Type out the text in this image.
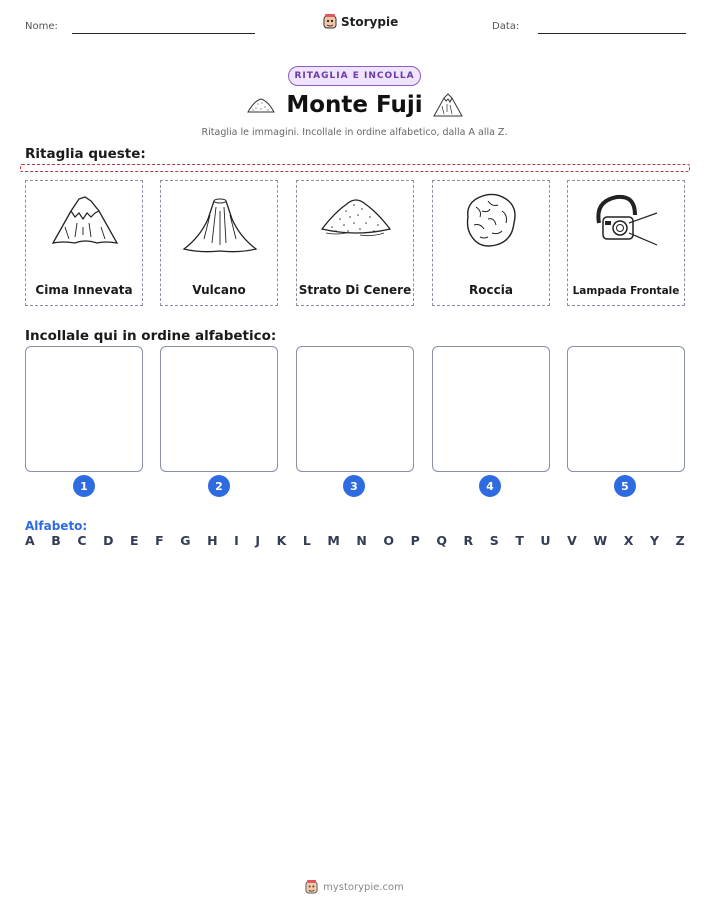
Nome:	Storypie	Data:
RITAGLIA E INCOLLA
Monte Fuji
Ritaglia le immagini. Incollale in ordine alfabetico, dalla A alla Z.
Ritaglia queste:
Cima Innevata	Vulcano	Strato Di Cenere	Roccia	Lampada Frontale
Incollale qui in ordine alfabetico:
1	2	3	4	5
Alfabeto:
A B C D E F G H I J K L M N O P Q R S T U V W X Y Z
mystorypie.com
